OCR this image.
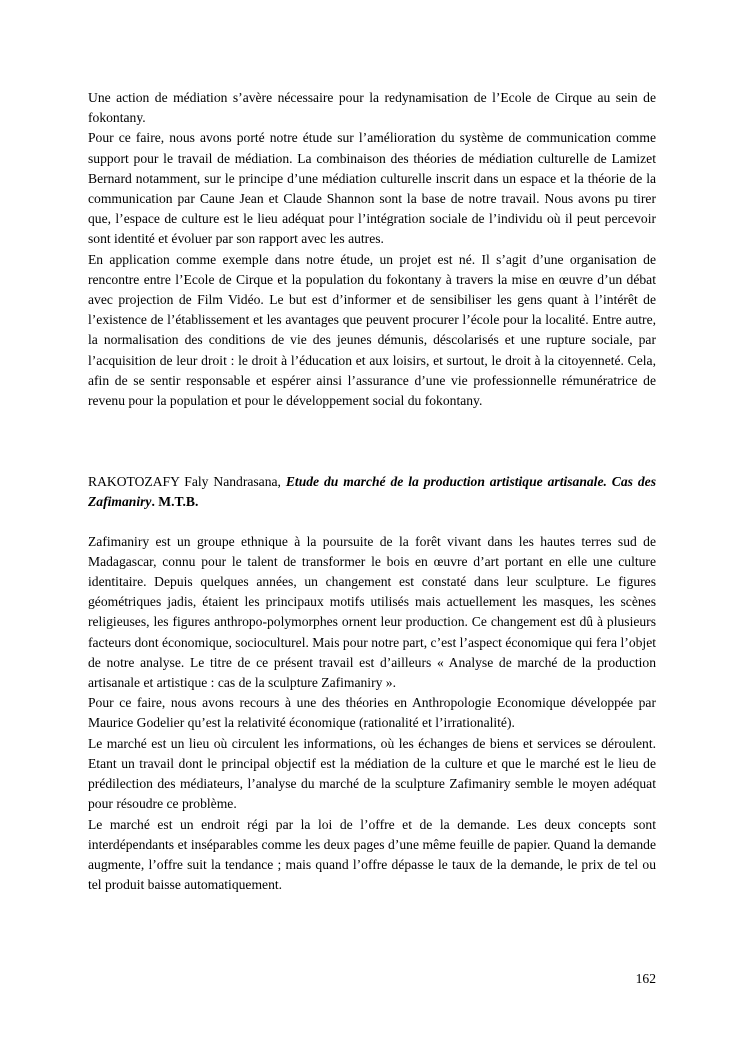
Une action de médiation s’avère nécessaire pour la redynamisation de l’Ecole de Cirque au sein de fokontany.

Pour ce faire, nous avons porté notre étude sur l’amélioration du système de communication comme support pour le travail de médiation. La combinaison des théories de médiation culturelle de Lamizet Bernard notamment, sur le principe d’une médiation culturelle inscrit dans un espace et la théorie de la communication par Caune Jean et Claude Shannon sont la base de notre travail. Nous avons pu tirer que, l’espace de culture est le lieu adéquat pour l’intégration sociale de l’individu où il peut percevoir sont identité et évoluer par son rapport avec les autres.

En application comme exemple dans notre étude, un projet est né. Il s’agit d’une organisation de rencontre entre l’Ecole de Cirque et la population du fokontany à travers la mise en œuvre d’un débat avec projection de Film Vidéo. Le but est d’informer et de sensibiliser les gens quant à l’intérêt de l’existence de l’établissement et les avantages que peuvent procurer l’école pour la localité. Entre autre, la normalisation des conditions de vie des jeunes démunis, déscolarisés et une rupture sociale, par l’acquisition de leur droit : le droit à l’éducation et aux loisirs, et surtout, le droit à la citoyenneté. Cela, afin de se sentir responsable et espérer ainsi l’assurance d’une vie professionnelle rémunératrice de revenu pour la population et pour le développement social du fokontany.

RAKOTOZAFY Faly Nandrasana, Etude du marché de la production artistique artisanale. Cas des Zafimaniry. M.T.B.

Zafimaniry est un groupe ethnique à la poursuite de la forêt vivant dans les hautes terres sud de Madagascar, connu pour le talent de transformer le bois en œuvre d’art portant en elle une culture identitaire. Depuis quelques années, un changement est constaté dans leur sculpture. Le figures géométriques jadis, étaient les principaux motifs utilisés mais actuellement les masques, les scènes religieuses, les figures anthropo-polymorphes ornent leur production. Ce changement est dû à plusieurs facteurs dont économique, socioculturel. Mais pour notre part, c’est l’aspect économique qui fera l’objet de notre analyse. Le titre de ce présent travail est d’ailleurs « Analyse de marché de la production artisanale et artistique : cas de la sculpture Zafimaniry ».

Pour ce faire, nous avons recours à une des théories en Anthropologie Economique développée par Maurice Godelier qu’est la relativité économique (rationalité et l’irrationalité).

Le marché est un lieu où circulent les informations, où les échanges de biens et services se déroulent. Etant un travail dont le principal objectif est la médiation de la culture et que le marché est le lieu de prédilection des médiateurs, l’analyse du marché de la sculpture Zafimaniry semble le moyen adéquat pour résoudre ce problème.

Le marché est un endroit régi par la loi de l’offre et de la demande. Les deux concepts sont interdépendants et inséparables comme les deux pages d’une même feuille de papier. Quand la demande augmente, l’offre suit la tendance ; mais quand l’offre dépasse le taux de la demande, le prix de tel ou tel produit baisse automatiquement.

162
